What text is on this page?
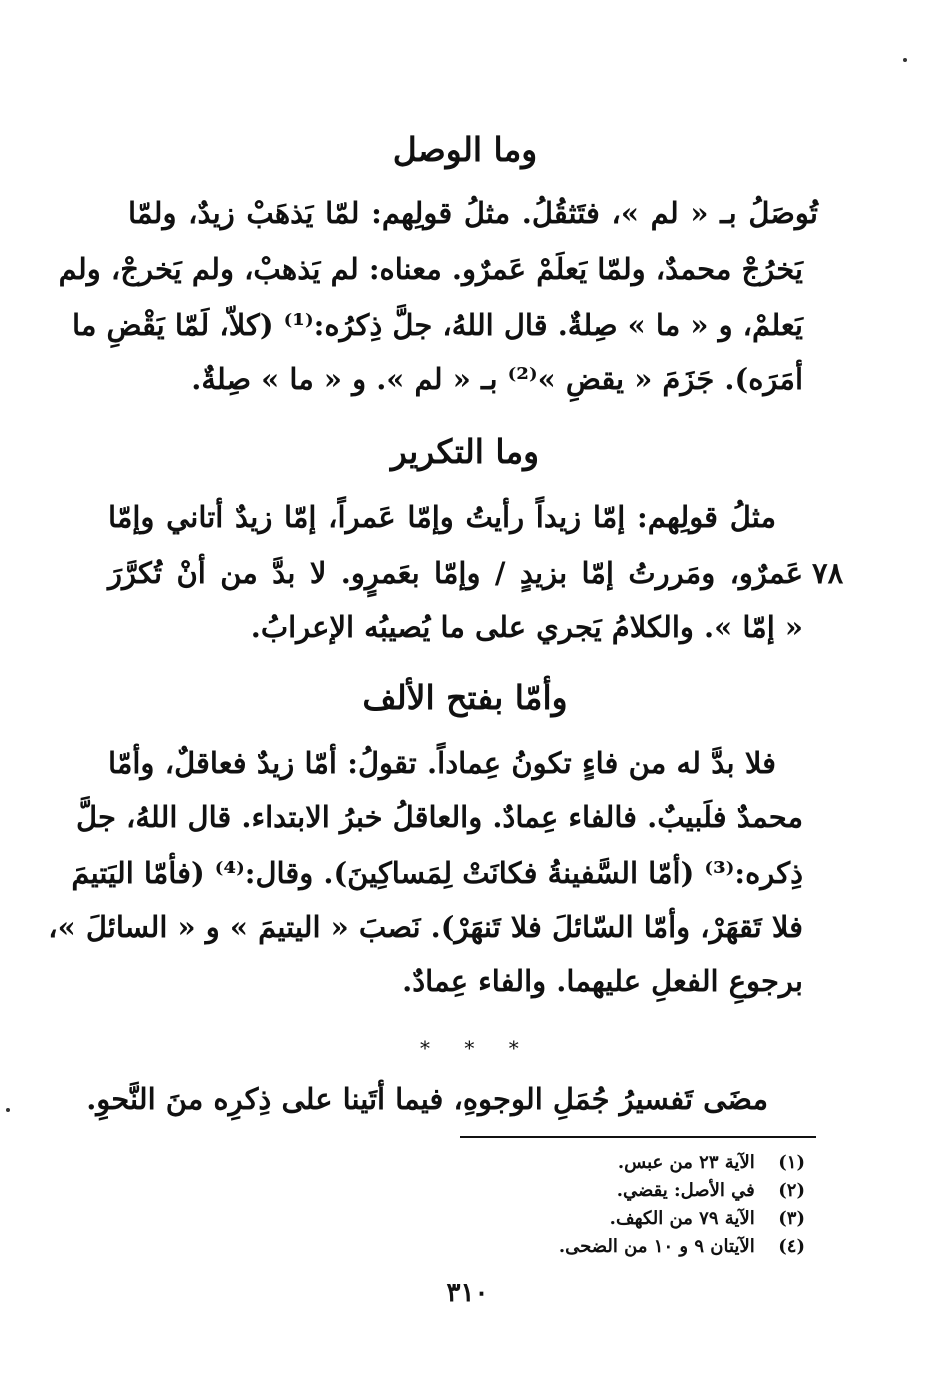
وما الوصل
تُوصَلُ بـ « لم »، فتَثقُلُ. مثلُ قولِهم: لمّا يَذهَبْ زيدٌ، ولمّا
يَخرُجْ محمدٌ، ولمّا يَعلَمْ عَمرٌو. معناه: لم يَذهبْ، ولم يَخرجْ، ولم
يَعلمْ، و « ما » صِلةٌ. قال اللهُ، جلَّ ذِكرُه:⁽¹⁾ (كلاّ، لَمّا يَقْضِ ما
أمَرَه). جَزَمَ « يقضِ »⁽²⁾ بـ « لم ». و « ما » صِلةٌ.
وما التكرير
مثلُ قولِهم: إمّا زيداً رأيتُ وإمّا عَمراً، إمّا زيدٌ أتاني وإمّا
٧٨
عَمرٌو، ومَررتُ إمّا بزيدٍ / وإمّا بعَمرٍو. لا بدَّ من أنْ تُكرَّرَ
« إمّا ». والكلامُ يَجري على ما يُصيبُه الإعرابُ.
وأمّا بفتح الألف
فلا بدَّ له من فاءٍ تكونُ عِماداً. تقولُ: أمّا زيدٌ فعاقلٌ، وأمّا
محمدٌ فلَبيبٌ. فالفاء عِمادٌ. والعاقلُ خبرُ الابتداء. قال اللهُ، جلَّ
ذِكره:⁽³⁾ (أمّا السَّفينةُ فكانَتْ لِمَساكِينَ). وقال:⁽⁴⁾ (فأمّا اليَتيمَ
فلا تَقهَرْ، وأمّا السّائلَ فلا تَنهَرْ). نَصبَ « اليتيمَ » و « السائلَ »،
برجوعِ الفعلِ عليهما. والفاء عِمادٌ.
* * *
مضَى تَفسيرُ جُمَلِ الوجوهِ، فيما أتَينا على ذِكرِه منَ النَّحوِ.
(١) الآية ٢٣ من عبس.
(٢) في الأصل: يقضي.
(٣) الآية ٧٩ من الكهف.
(٤) الآيتان ٩ و ١٠ من الضحى.
٣١٠
